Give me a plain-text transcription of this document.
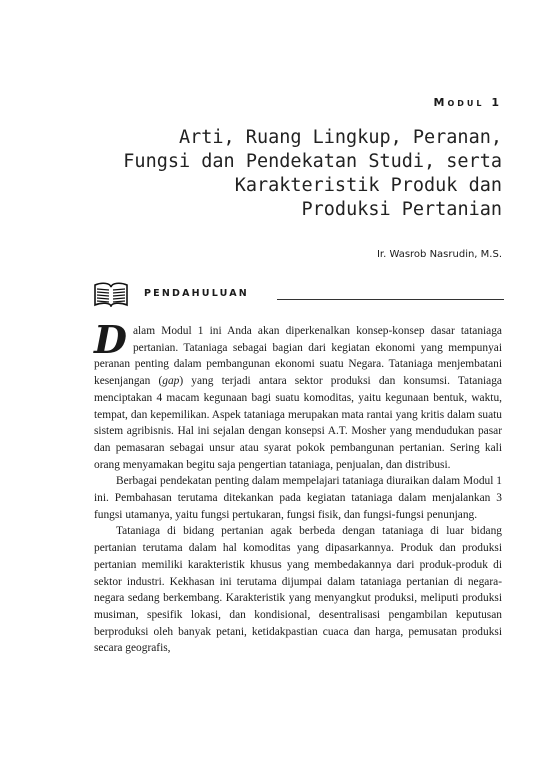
Modul 1
Arti, Ruang Lingkup, Peranan,
Fungsi dan Pendekatan Studi, serta
Karakteristik Produk dan
Produksi Pertanian
Ir. Wasrob Nasrudin, M.S.
PENDAHULUAN

Dalam Modul 1 ini Anda akan diperkenalkan konsep-konsep dasar tataniaga pertanian. Tataniaga sebagai bagian dari kegiatan ekonomi yang mempunyai peranan penting dalam pembangunan ekonomi suatu Negara. Tataniaga menjembatani kesenjangan (gap) yang terjadi antara sektor produksi dan konsumsi. Tataniaga menciptakan 4 macam kegunaan bagi suatu komoditas, yaitu kegunaan bentuk, waktu, tempat, dan kepemilikan. Aspek tataniaga merupakan mata rantai yang kritis dalam suatu sistem agribisnis. Hal ini sejalan dengan konsepsi A.T. Mosher yang mendudukan pasar dan pemasaran sebagai unsur atau syarat pokok pembangunan pertanian. Sering kali orang menyamakan begitu saja pengertian tataniaga, penjualan, dan distribusi.

Berbagai pendekatan penting dalam mempelajari tataniaga diuraikan dalam Modul 1 ini. Pembahasan terutama ditekankan pada kegiatan tataniaga dalam menjalankan 3 fungsi utamanya, yaitu fungsi pertukaran, fungsi fisik, dan fungsi-fungsi penunjang.

Tataniaga di bidang pertanian agak berbeda dengan tataniaga di luar bidang pertanian terutama dalam hal komoditas yang dipasarkannya. Produk dan produksi pertanian memiliki karakteristik khusus yang membedakannya dari produk-produk di sektor industri. Kekhasan ini terutama dijumpai dalam tataniaga pertanian di negara-negara sedang berkembang. Karakteristik yang menyangkut produksi, meliputi produksi musiman, spesifik lokasi, dan kondisional, desentralisasi pengambilan keputusan berproduksi oleh banyak petani, ketidakpastian cuaca dan harga, pemusatan produksi secara geografis,
